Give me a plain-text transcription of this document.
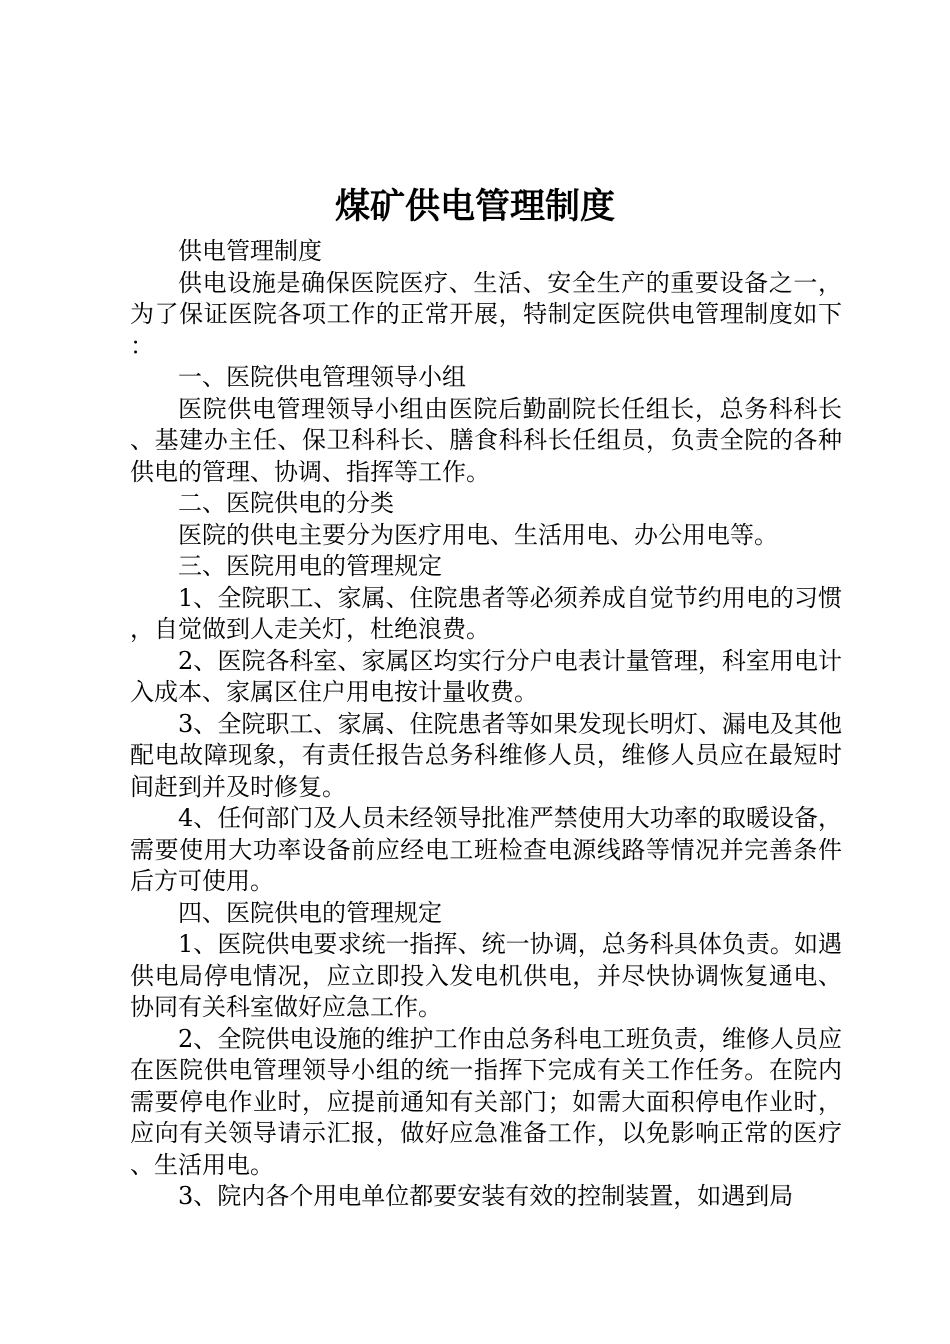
煤矿供电管理制度

供电管理制度

供电设施是确保医院医疗、生活、安全生产的重要设备之一，为了保证医院各项工作的正常开展，特制定医院供电管理制度如下：

一、医院供电管理领导小组

医院供电管理领导小组由医院后勤副院长任组长，总务科科长、基建办主任、保卫科科长、膳食科科长任组员，负责全院的各种供电的管理、协调、指挥等工作。

二、医院供电的分类

医院的供电主要分为医疗用电、生活用电、办公用电等。

三、医院用电的管理规定

1、全院职工、家属、住院患者等必须养成自觉节约用电的习惯，自觉做到人走关灯，杜绝浪费。

2、医院各科室、家属区均实行分户电表计量管理，科室用电计入成本、家属区住户用电按计量收费。

3、全院职工、家属、住院患者等如果发现长明灯、漏电及其他配电故障现象，有责任报告总务科维修人员，维修人员应在最短时间赶到并及时修复。

4、任何部门及人员未经领导批准严禁使用大功率的取暖设备，需要使用大功率设备前应经电工班检查电源线路等情况并完善条件后方可使用。

四、医院供电的管理规定

1、医院供电要求统一指挥、统一协调，总务科具体负责。如遇供电局停电情况，应立即投入发电机供电，并尽快协调恢复通电、协同有关科室做好应急工作。

2、全院供电设施的维护工作由总务科电工班负责，维修人员应在医院供电管理领导小组的统一指挥下完成有关工作任务。在院内需要停电作业时，应提前通知有关部门；如需大面积停电作业时，应向有关领导请示汇报，做好应急准备工作，以免影响正常的医疗、生活用电。

3、院内各个用电单位都要安装有效的控制装置，如遇到局
